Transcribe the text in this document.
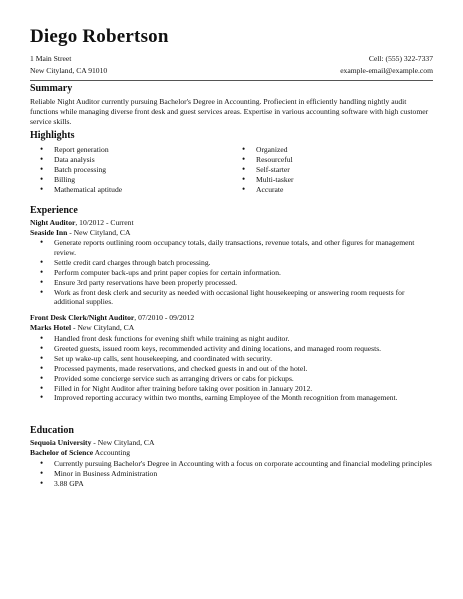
Diego Robertson
1 Main Street	Cell: (555) 322-7337
New Cityland, CA 91010	example-email@example.com
Summary
Reliable Night Auditor currently pursuing Bachelor's Degree in Accounting. Profiecient in efficiently handling nightly audit functions while managing diverse front desk and guest services areas. Expertise in various accounting software with high customer service skills.
Highlights
• Report generation
• Data analysis
• Batch processing
• Billing
• Mathematical aptitude
• Organized
• Resourceful
• Self-starter
• Multi-tasker
• Accurate
Experience
Night Auditor, 10/2012 - Current
Seaside Inn - New Cityland, CA
• Generate reports outlining room occupancy totals, daily transactions, revenue totals, and other figures for management review.
• Settle credit card charges through batch processing.
• Perform computer back-ups and print paper copies for certain information.
• Ensure 3rd party reservations have been properly processed.
• Work as front desk clerk and security as needed with occasional light housekeeping or answering room requests for additional supplies.
Front Desk Clerk/Night Auditor, 07/2010 - 09/2012
Marks Hotel - New Cityland, CA
• Handled front desk functions for evening shift while training as night auditor.
• Greeted guests, issued room keys, recommended activity and dining locations, and managed room requests.
• Set up wake-up calls, sent housekeeping, and coordinated with security.
• Processed payments, made reservations, and checked guests in and out of the hotel.
• Provided some concierge service such as arranging drivers or cabs for pickups.
• Filled in for Night Auditor after training before taking over position in January 2012.
• Improved reporting accuracy within two months, earning Employee of the Month recognition from management.
Education
Sequoia University - New Cityland, CA
Bachelor of Science Accounting
• Currently pursuing Bachelor's Degree in Accounting with a focus on corporate accounting and financial modeling principles
• Minor in Business Administration
• 3.88 GPA
